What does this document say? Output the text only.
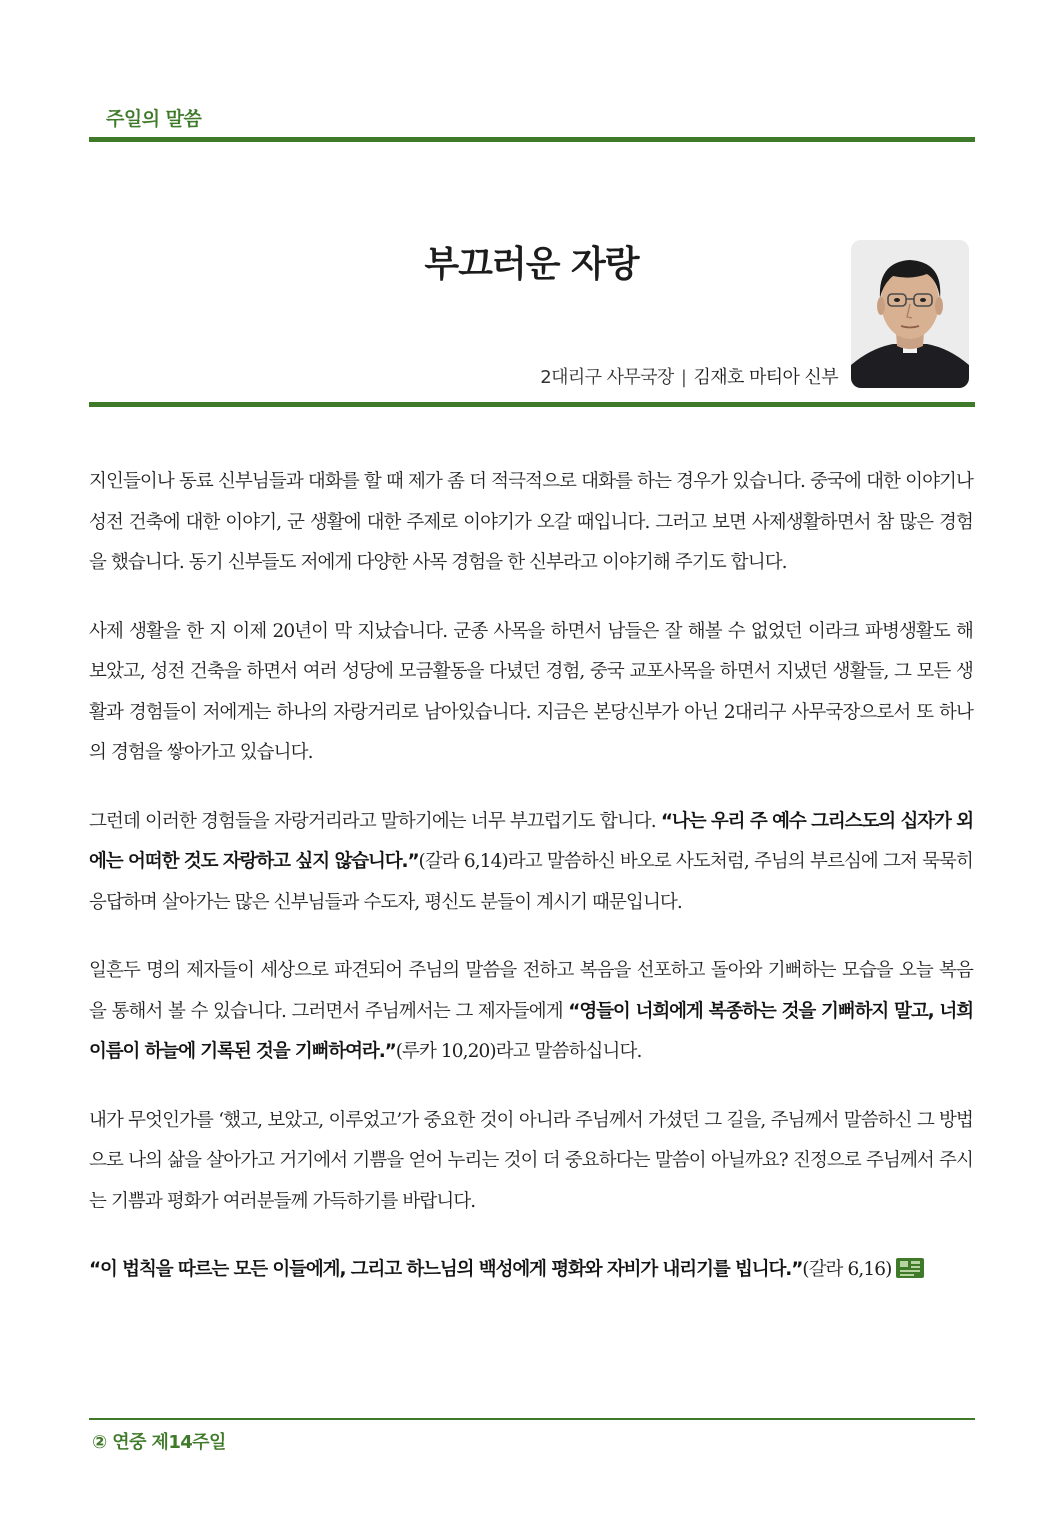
주일의 말씀
부끄러운 자랑
2대리구 사무국장 | 김재호 마티아 신부

지인들이나 동료 신부님들과 대화를 할 때 제가 좀 더 적극적으로 대화를 하는 경우가 있습니다. 중국에 대한 이야기나 성전 건축에 대한 이야기, 군 생활에 대한 주제로 이야기가 오갈 때입니다. 그러고 보면 사제생활하면서 참 많은 경험을 했습니다. 동기 신부들도 저에게 다양한 사목 경험을 한 신부라고 이야기해 주기도 합니다.

사제 생활을 한 지 이제 20년이 막 지났습니다. 군종 사목을 하면서 남들은 잘 해볼 수 없었던 이라크 파병생활도 해 보았고, 성전 건축을 하면서 여러 성당에 모금활동을 다녔던 경험, 중국 교포사목을 하면서 지냈던 생활들, 그 모든 생활과 경험들이 저에게는 하나의 자랑거리로 남아있습니다. 지금은 본당신부가 아닌 2대리구 사무국장으로서 또 하나의 경험을 쌓아가고 있습니다.

그런데 이러한 경험들을 자랑거리라고 말하기에는 너무 부끄럽기도 합니다. “나는 우리 주 예수 그리스도의 십자가 외에는 어떠한 것도 자랑하고 싶지 않습니다.”(갈라 6,14)라고 말씀하신 바오로 사도처럼, 주님의 부르심에 그저 묵묵히 응답하며 살아가는 많은 신부님들과 수도자, 평신도 분들이 계시기 때문입니다.

일흔두 명의 제자들이 세상으로 파견되어 주님의 말씀을 전하고 복음을 선포하고 돌아와 기뻐하는 모습을 오늘 복음을 통해서 볼 수 있습니다. 그러면서 주님께서는 그 제자들에게 “영들이 너희에게 복종하는 것을 기뻐하지 말고, 너희 이름이 하늘에 기록된 것을 기뻐하여라.”(루카 10,20)라고 말씀하십니다.

내가 무엇인가를 ‘했고, 보았고, 이루었고’가 중요한 것이 아니라 주님께서 가셨던 그 길을, 주님께서 말씀하신 그 방법으로 나의 삶을 살아가고 거기에서 기쁨을 얻어 누리는 것이 더 중요하다는 말씀이 아닐까요? 진정으로 주님께서 주시는 기쁨과 평화가 여러분들께 가득하기를 바랍니다.

“이 법칙을 따르는 모든 이들에게, 그리고 하느님의 백성에게 평화와 자비가 내리기를 빕니다.”(갈라 6,16)

② 연중 제14주일
